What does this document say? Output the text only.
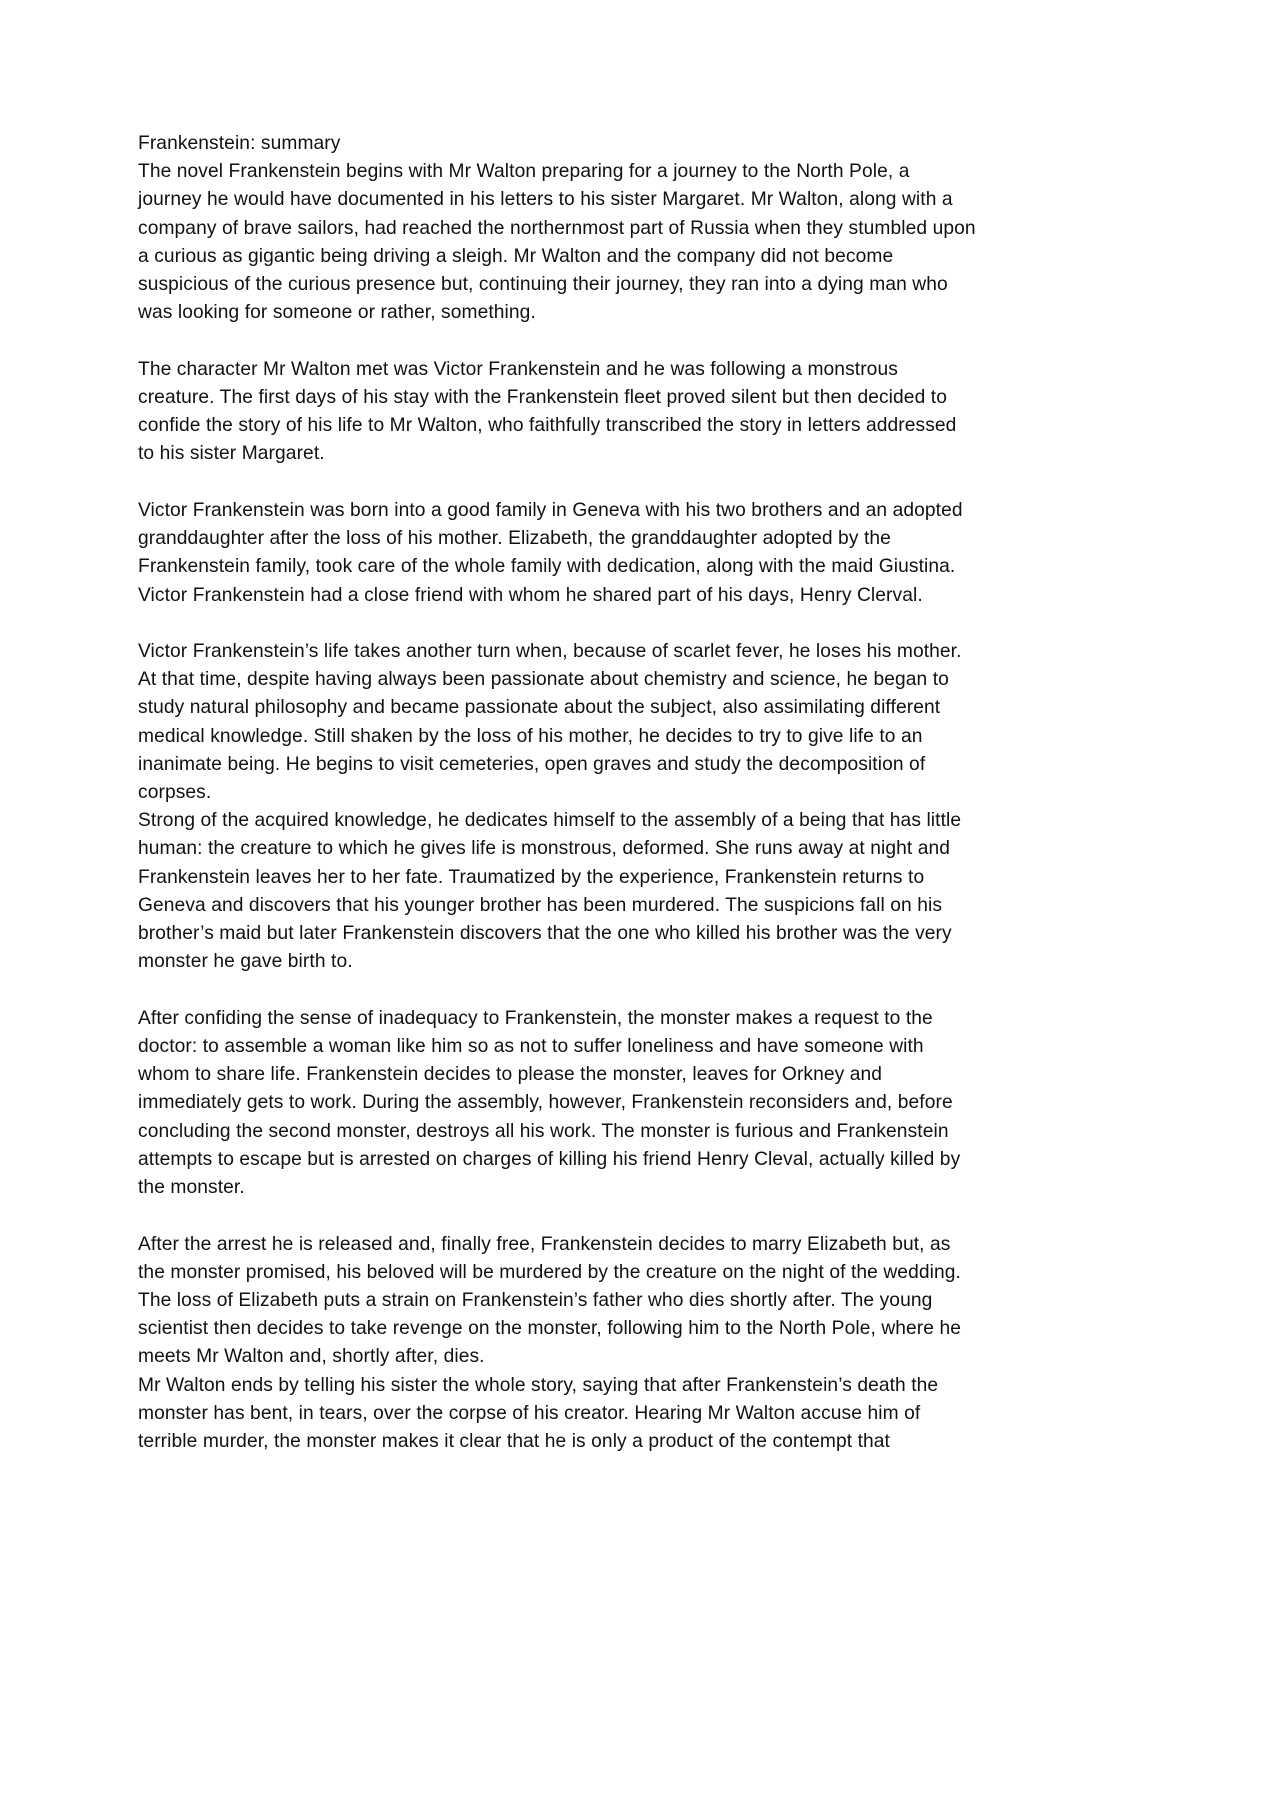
Frankenstein: summary

The novel Frankenstein begins with Mr Walton preparing for a journey to the North Pole, a journey he would have documented in his letters to his sister Margaret. Mr Walton, along with a company of brave sailors, had reached the northernmost part of Russia when they stumbled upon a curious as gigantic being driving a sleigh. Mr Walton and the company did not become suspicious of the curious presence but, continuing their journey, they ran into a dying man who was looking for someone or rather, something.

The character Mr Walton met was Victor Frankenstein and he was following a monstrous creature. The first days of his stay with the Frankenstein fleet proved silent but then decided to confide the story of his life to Mr Walton, who faithfully transcribed the story in letters addressed to his sister Margaret.

Victor Frankenstein was born into a good family in Geneva with his two brothers and an adopted granddaughter after the loss of his mother. Elizabeth, the granddaughter adopted by the Frankenstein family, took care of the whole family with dedication, along with the maid Giustina. Victor Frankenstein had a close friend with whom he shared part of his days, Henry Clerval.

Victor Frankenstein’s life takes another turn when, because of scarlet fever, he loses his mother. At that time, despite having always been passionate about chemistry and science, he began to study natural philosophy and became passionate about the subject, also assimilating different medical knowledge. Still shaken by the loss of his mother, he decides to try to give life to an inanimate being. He begins to visit cemeteries, open graves and study the decomposition of corpses.

Strong of the acquired knowledge, he dedicates himself to the assembly of a being that has little human: the creature to which he gives life is monstrous, deformed. She runs away at night and Frankenstein leaves her to her fate. Traumatized by the experience, Frankenstein returns to Geneva and discovers that his younger brother has been murdered. The suspicions fall on his brother’s maid but later Frankenstein discovers that the one who killed his brother was the very monster he gave birth to.

After confiding the sense of inadequacy to Frankenstein, the monster makes a request to the doctor: to assemble a woman like him so as not to suffer loneliness and have someone with whom to share life. Frankenstein decides to please the monster, leaves for Orkney and immediately gets to work. During the assembly, however, Frankenstein reconsiders and, before concluding the second monster, destroys all his work. The monster is furious and Frankenstein attempts to escape but is arrested on charges of killing his friend Henry Cleval, actually killed by the monster.

After the arrest he is released and, finally free, Frankenstein decides to marry Elizabeth but, as the monster promised, his beloved will be murdered by the creature on the night of the wedding. The loss of Elizabeth puts a strain on Frankenstein’s father who dies shortly after. The young scientist then decides to take revenge on the monster, following him to the North Pole, where he meets Mr Walton and, shortly after, dies.

Mr Walton ends by telling his sister the whole story, saying that after Frankenstein’s death the monster has bent, in tears, over the corpse of his creator. Hearing Mr Walton accuse him of terrible murder, the monster makes it clear that he is only a product of the contempt that
